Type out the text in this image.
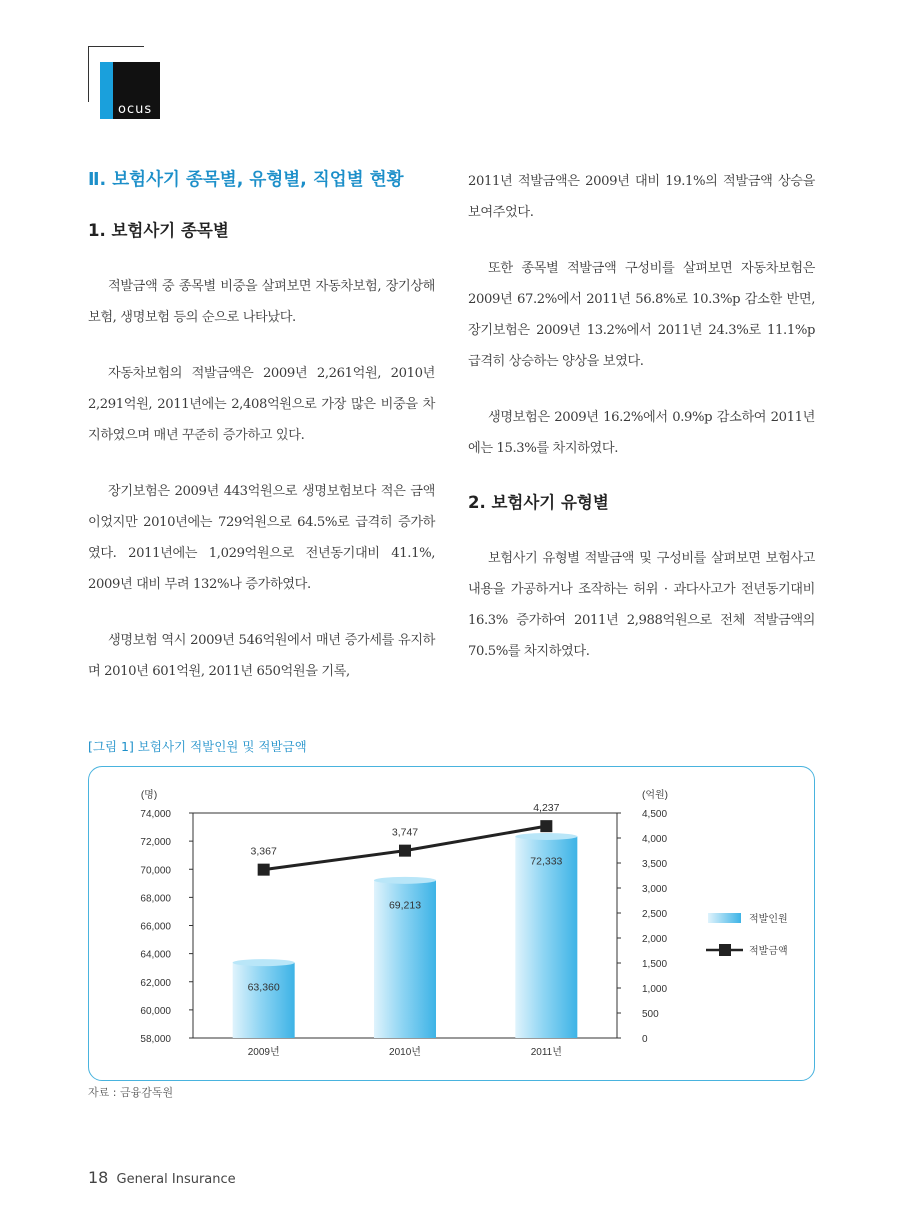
ocus
Ⅱ. 보험사기 종목별, 유형별, 직업별 현황
1. 보험사기 종목별

적발금액 중 종목별 비중을 살펴보면 자동차보험, 장기상해보험, 생명보험 등의 순으로 나타났다.

자동차보험의 적발금액은 2009년 2,261억원, 2010년 2,291억원, 2011년에는 2,408억원으로 가장 많은 비중을 차지하였으며 매년 꾸준히 증가하고 있다.

장기보험은 2009년 443억원으로 생명보험보다 적은 금액이었지만 2010년에는 729억원으로 64.5%로 급격히 증가하였다. 2011년에는 1,029억원으로 전년동기대비 41.1%, 2009년 대비 무려 132%나 증가하였다.

생명보험 역시 2009년 546억원에서 매년 증가세를 유지하며 2010년 601억원, 2011년 650억원을 기록,

2011년 적발금액은 2009년 대비 19.1%의 적발금액 상승을 보여주었다.

또한 종목별 적발금액 구성비를 살펴보면 자동차보험은 2009년 67.2%에서 2011년 56.8%로 10.3%p 감소한 반면, 장기보험은 2009년 13.2%에서 2011년 24.3%로 11.1%p 급격히 상승하는 양상을 보였다.

생명보험은 2009년 16.2%에서 0.9%p 감소하여 2011년에는 15.3%를 차지하였다.

2. 보험사기 유형별

보험사기 유형별 적발금액 및 구성비를 살펴보면 보험사고 내용을 가공하거나 조작하는 허위 · 과다사고가 전년동기대비 16.3% 증가하여 2011년 2,988억원으로 전체 적발금액의 70.5%를 차지하였다.

[그림 1] 보험사기 적발인원 및 적발금액
(명)
58,000
60,000
62,000
64,000
66,000
68,000
70,000
72,000
74,000
(억원)
0
500
1,000
1,500
2,000
2,500
3,000
3,500
4,000
4,500
2009년	2010년	2011년
63,360
69,213
72,333
3,367
3,747
4,237
적발인원
적발금액
자료 : 금융감독원
18 General Insurance
